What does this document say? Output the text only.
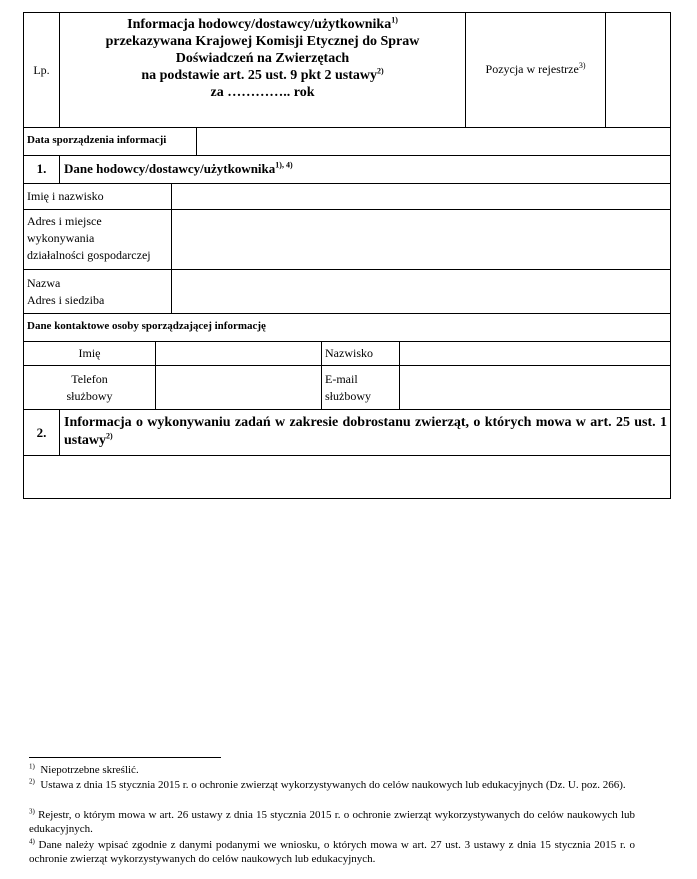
Lp.
Informacja hodowcy/dostawcy/użytkownika$^{1)}$
przekazywana Krajowej Komisji Etycznej do Spraw
Doświadczeń na Zwierzętach
na podstawie art. 25 ust. 9 pkt 2 ustawy$^{2)}$
za ………….. rok
Pozycja w rejestrze$^{3)}$
Data sporządzenia informacji
1.	Dane hodowcy/dostawcy/użytkownika$^{1), 4)}$
Imię i nazwisko
Adres i miejsce
wykonywania
działalności gospodarczej
Nazwa
Adres i siedziba
Dane kontaktowe osoby sporządzającej informację
Imię	Nazwisko
Telefon
służbowy
E-mail
służbowy
2.
Informacja o wykonywaniu zadań w zakresie dobrostanu zwierząt, o których mowa w art. 25 ust. 1 ustawy$^{2)}$
$^{1)}$ Niepotrzebne skreślić.
$^{2)}$ Ustawa z dnia 15 stycznia 2015 r. o ochronie zwierząt wykorzystywanych do celów naukowych lub edukacyjnych (Dz. U. poz. 266).
$^{3)}$ Rejestr, o którym mowa w art. 26 ustawy z dnia 15 stycznia 2015 r. o ochronie zwierząt wykorzystywanych do celów naukowych lub edukacyjnych.
$^{4)}$ Dane należy wpisać zgodnie z danymi podanymi we wniosku, o których mowa w art. 27 ust. 3 ustawy z dnia 15 stycznia 2015 r. o ochronie zwierząt wykorzystywanych do celów naukowych lub edukacyjnych.
